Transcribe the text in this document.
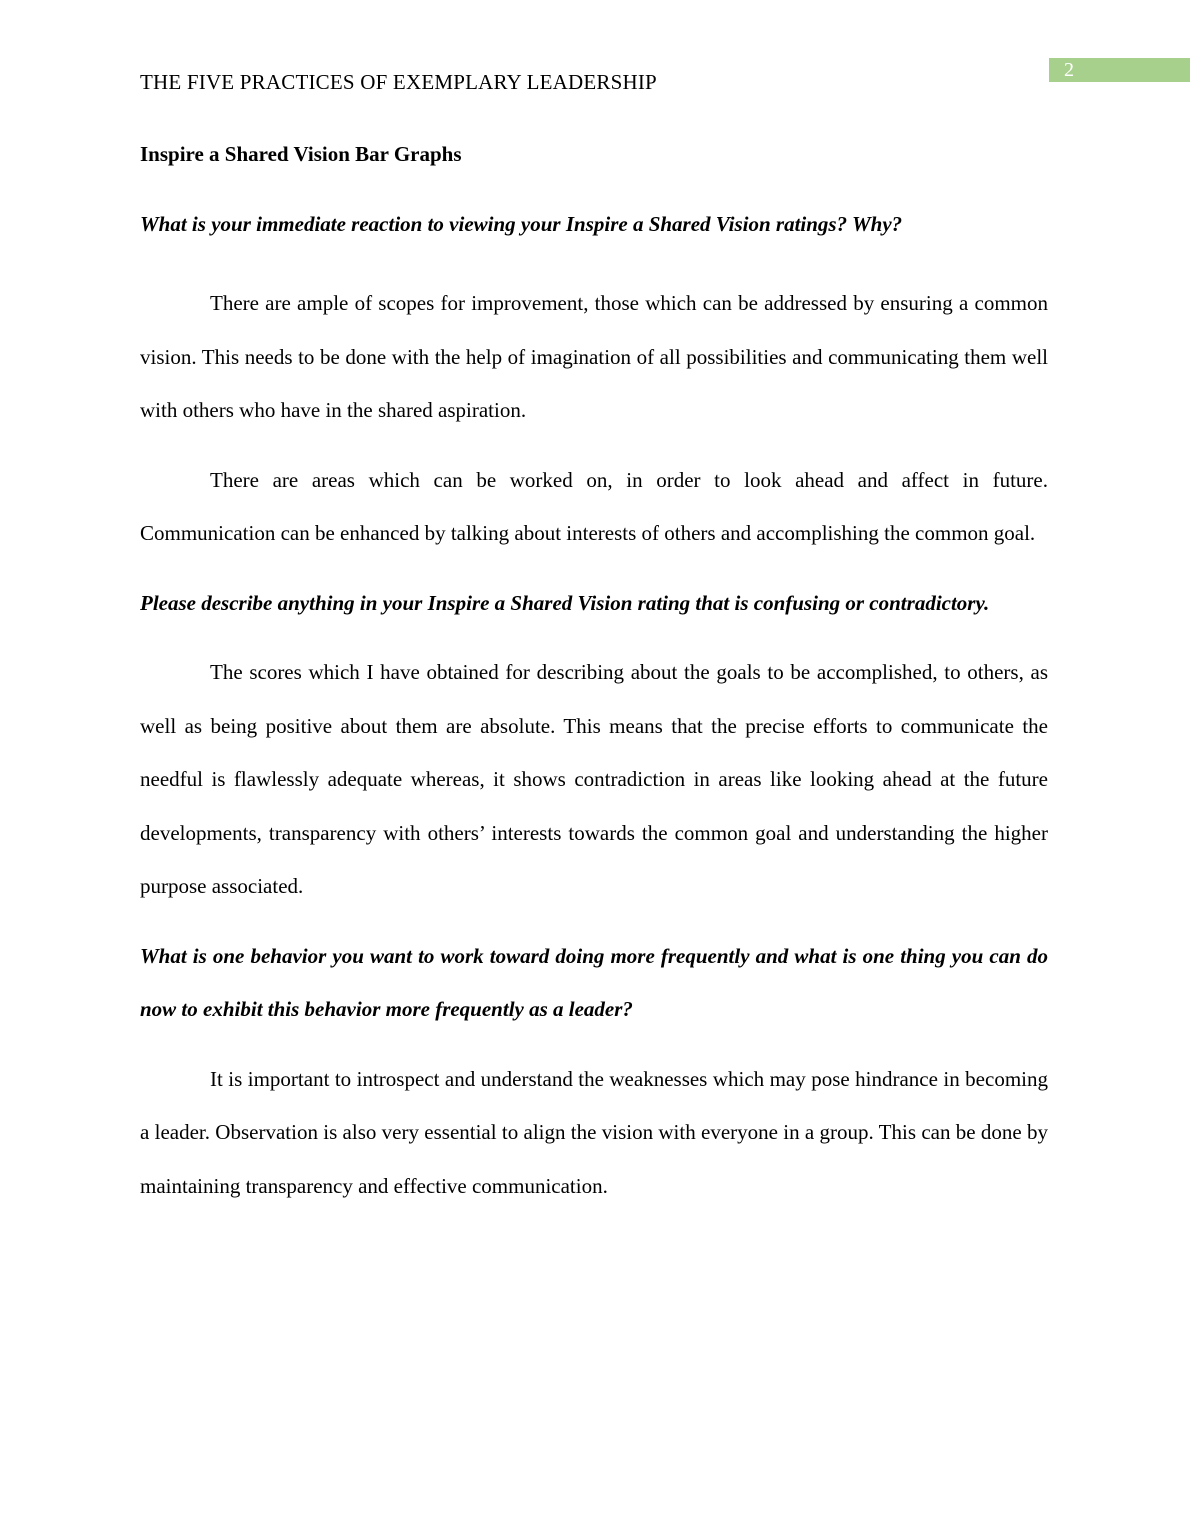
2
THE FIVE PRACTICES OF EXEMPLARY LEADERSHIP

Inspire a Shared Vision Bar Graphs

What is your immediate reaction to viewing your Inspire a Shared Vision ratings? Why?

There are ample of scopes for improvement, those which can be addressed by ensuring a common vision. This needs to be done with the help of imagination of all possibilities and communicating them well with others who have in the shared aspiration.

There are areas which can be worked on, in order to look ahead and affect in future. Communication can be enhanced by talking about interests of others and accomplishing the common goal.

Please describe anything in your Inspire a Shared Vision rating that is confusing or contradictory.

The scores which I have obtained for describing about the goals to be accomplished, to others, as well as being positive about them are absolute. This means that the precise efforts to communicate the needful is flawlessly adequate whereas, it shows contradiction in areas like looking ahead at the future developments, transparency with others’ interests towards the common goal and understanding the higher purpose associated.

What is one behavior you want to work toward doing more frequently and what is one thing you can do now to exhibit this behavior more frequently as a leader?

It is important to introspect and understand the weaknesses which may pose hindrance in becoming a leader. Observation is also very essential to align the vision with everyone in a group. This can be done by maintaining transparency and effective communication.
